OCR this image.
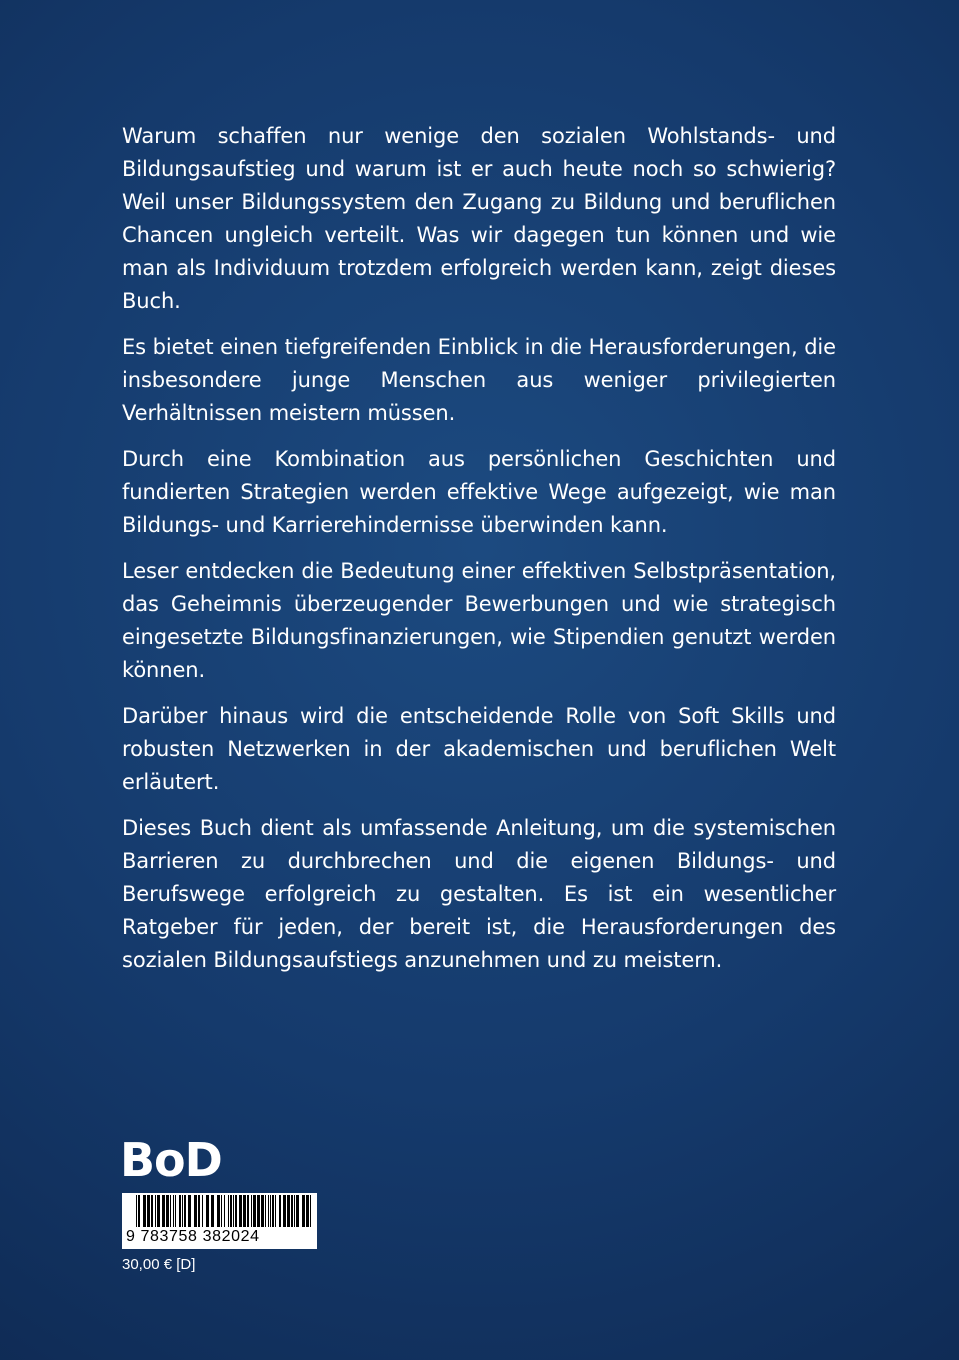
Warum schaffen nur wenige den sozialen Wohlstands- und Bildungsaufstieg und warum ist er auch heute noch so schwierig? Weil unser Bildungssystem den Zugang zu Bildung und beruflichen Chancen ungleich verteilt. Was wir dagegen tun können und wie man als Individuum trotzdem erfolgreich werden kann, zeigt dieses Buch.

Es bietet einen tiefgreifenden Einblick in die Herausforderungen, die insbesondere junge Menschen aus weniger privilegierten Verhältnissen meistern müssen.

Durch eine Kombination aus persönlichen Geschichten und fundierten Strategien werden effektive Wege aufgezeigt, wie man Bildungs- und Karrierehindernisse überwinden kann.

Leser entdecken die Bedeutung einer effektiven Selbstpräsentation, das Geheimnis überzeugender Bewerbungen und wie strategisch eingesetzte Bildungsfinanzierungen, wie Stipendien genutzt werden können.

Darüber hinaus wird die entscheidende Rolle von Soft Skills und robusten Netzwerken in der akademischen und beruflichen Welt erläutert.

Dieses Buch dient als umfassende Anleitung, um die systemischen Barrieren zu durchbrechen und die eigenen Bildungs- und Berufswege erfolgreich zu gestalten. Es ist ein wesentlicher Ratgeber für jeden, der bereit ist, die Herausforderungen des sozialen Bildungsaufstiegs anzunehmen und zu meistern.

BoD
9 783758 382024
30,00 € [D]
